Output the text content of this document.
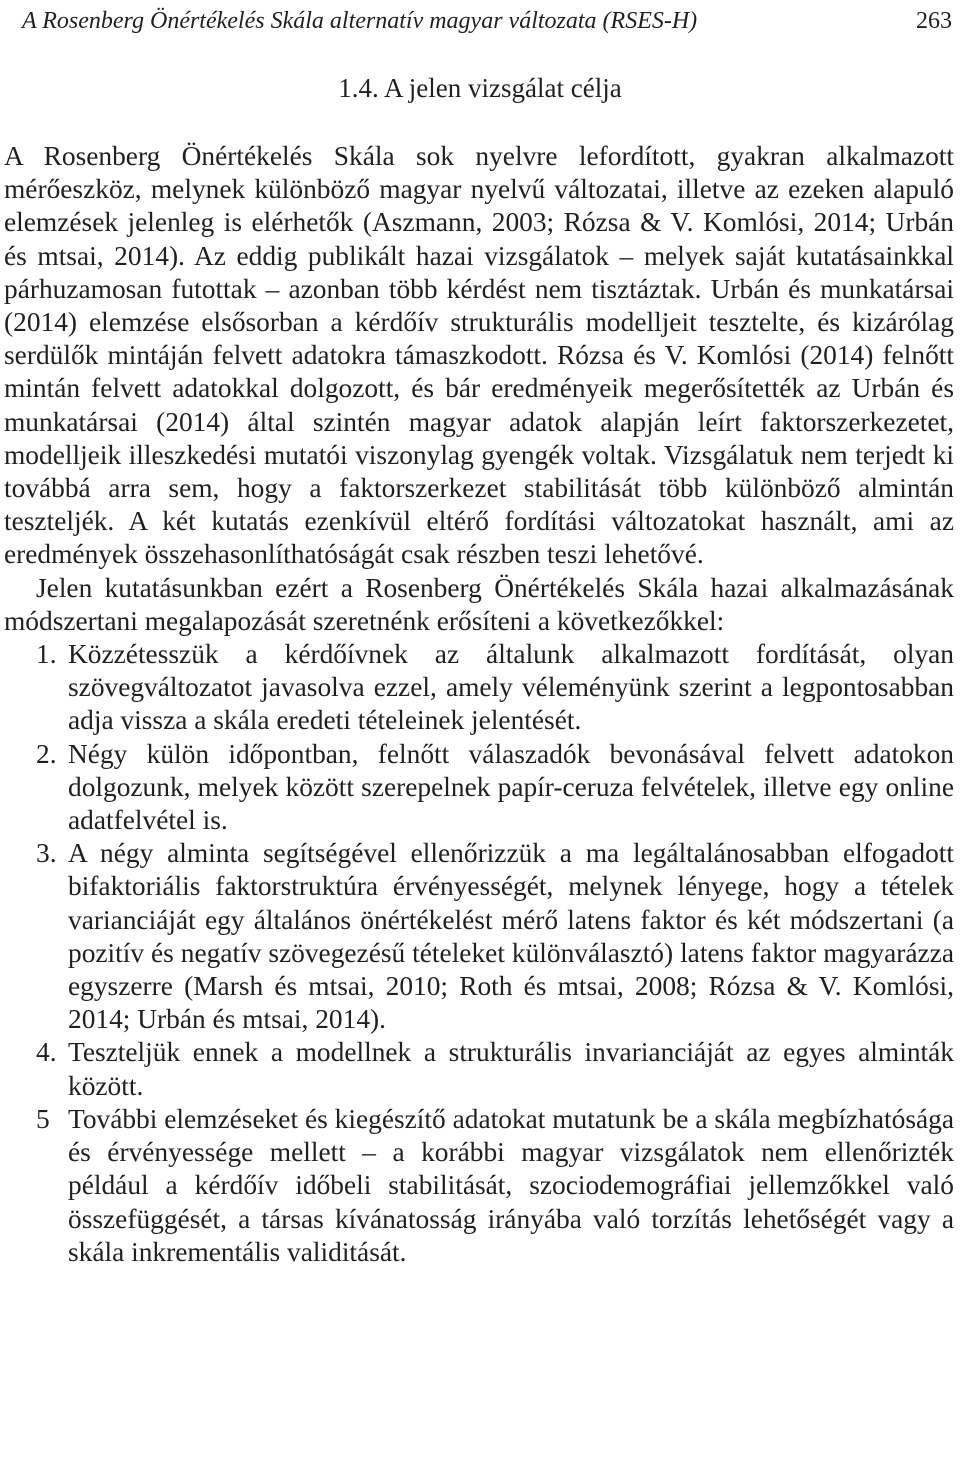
A Rosenberg Önértékelés Skála alternatív magyar változata (RSES-H)	263
1.4. A jelen vizsgálat célja

A Rosenberg Önértékelés Skála sok nyelvre lefordított, gyakran alkalmazott mérőeszköz, melynek különböző magyar nyelvű változatai, illetve az ezeken alapuló elemzések jelenleg is elérhetők (Aszmann, 2003; Rózsa & V. Komlósi, 2014; Urbán és mtsai, 2014). Az eddig publikált hazai vizsgálatok – melyek saját kutatásainkkal párhuzamosan futottak – azonban több kérdést nem tisztáztak. Urbán és munkatársai (2014) elemzése elsősorban a kérdőív strukturális modelljeit tesztelte, és kizárólag serdülők mintáján felvett adatokra támaszkodott. Rózsa és V. Komlósi (2014) felnőtt mintán felvett adatokkal dolgozott, és bár eredményeik megerősítették az Urbán és munkatársai (2014) által szintén magyar adatok alapján leírt faktorszerkezetet, modelljeik illeszkedési mutatói viszonylag gyengék voltak. Vizsgálatuk nem terjedt ki továbbá arra sem, hogy a faktorszerkezet stabilitását több különböző almintán teszteljék. A két kutatás ezenkívül eltérő fordítási változatokat használt, ami az eredmények összehasonlíthatóságát csak részben teszi lehetővé.

Jelen kutatásunkban ezért a Rosenberg Önértékelés Skála hazai alkalmazásának módszertani megalapozását szeretnénk erősíteni a következőkkel:

1. Közzétesszük a kérdőívnek az általunk alkalmazott fordítását, olyan szövegváltozatot javasolva ezzel, amely véleményünk szerint a legpontosabban adja vissza a skála eredeti tételeinek jelentését.
2. Négy külön időpontban, felnőtt válaszadók bevonásával felvett adatokon dolgozunk, melyek között szerepelnek papír-ceruza felvételek, illetve egy online adatfelvétel is.
3. A négy alminta segítségével ellenőrizzük a ma legáltalánosabban elfogadott bifaktoriális faktorstruktúra érvényességét, melynek lényege, hogy a tételek varianciáját egy általános önértékelést mérő latens faktor és két módszertani (a pozitív és negatív szövegezésű tételeket különválasztó) latens faktor magyarázza egyszerre (Marsh és mtsai, 2010; Roth és mtsai, 2008; Rózsa & V. Komlósi, 2014; Urbán és mtsai, 2014).
4. Teszteljük ennek a modellnek a strukturális invarianciáját az egyes alminták között.
5 További elemzéseket és kiegészítő adatokat mutatunk be a skála megbízhatósága és érvényessége mellett – a korábbi magyar vizsgálatok nem ellenőrizték például a kérdőív időbeli stabilitását, szociodemográfiai jellemzőkkel való összefüggését, a társas kívánatosság irányába való torzítás lehetőségét vagy a skála inkrementális validitását.
